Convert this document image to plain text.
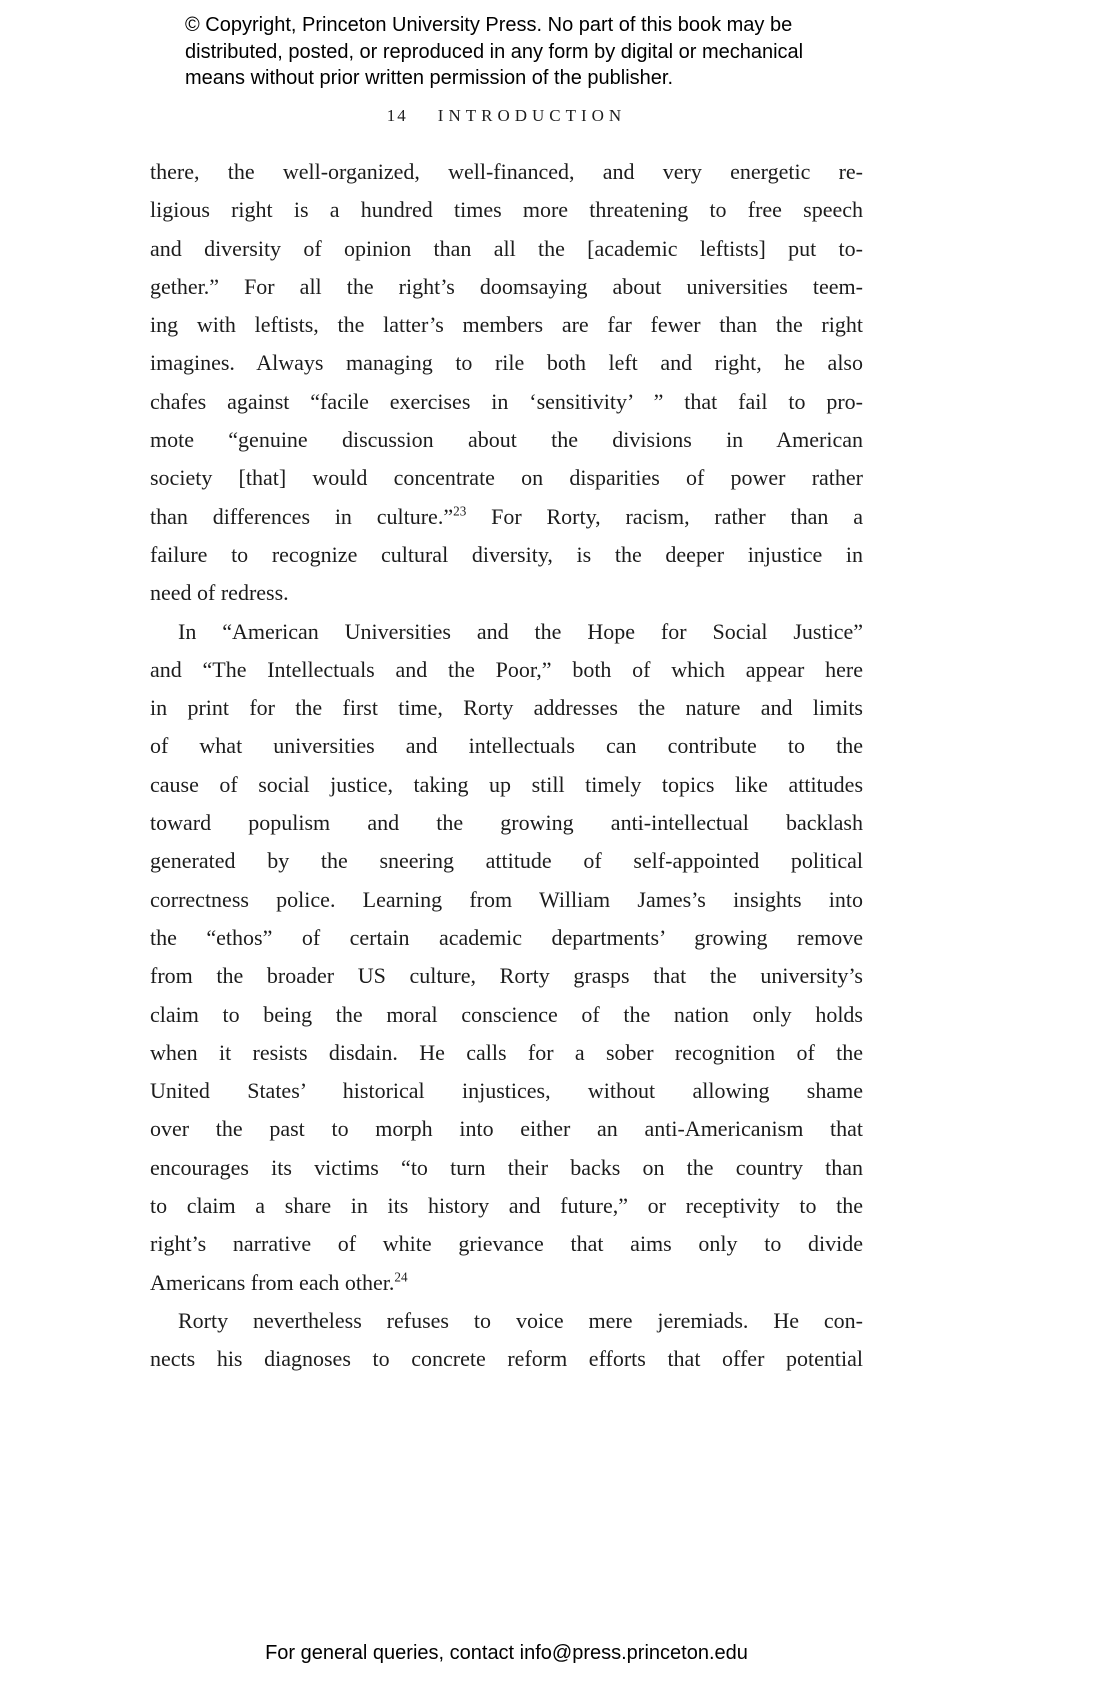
© Copyright, Princeton University Press. No part of this book may be
distributed, posted, or reproduced in any form by digital or mechanical
means without prior written permission of the publisher.
14 INTRODUCTION
there, the well-organized, well-financed, and very energetic re-
ligious right is a hundred times more threatening to free speech
and diversity of opinion than all the [academic leftists] put to-
gether.” For all the right’s doomsaying about universities teem-
ing with leftists, the latter’s members are far fewer than the right
imagines. Always managing to rile both left and right, he also
chafes against “facile exercises in ‘sensitivity’ ” that fail to pro-
mote “genuine discussion about the divisions in American
society [that] would concentrate on disparities of power rather
than differences in culture.”$^{23}$ For Rorty, racism, rather than a
failure to recognize cultural diversity, is the deeper injustice in
need of redress.
In “American Universities and the Hope for Social Justice”
and “The Intellectuals and the Poor,” both of which appear here
in print for the first time, Rorty addresses the nature and limits
of what universities and intellectuals can contribute to the
cause of social justice, taking up still timely topics like attitudes
toward populism and the growing anti-intellectual backlash
generated by the sneering attitude of self-appointed political
correctness police. Learning from William James’s insights into
the “ethos” of certain academic departments’ growing remove
from the broader US culture, Rorty grasps that the university’s
claim to being the moral conscience of the nation only holds
when it resists disdain. He calls for a sober recognition of the
United States’ historical injustices, without allowing shame
over the past to morph into either an anti-Americanism that
encourages its victims “to turn their backs on the country than
to claim a share in its history and future,” or receptivity to the
right’s narrative of white grievance that aims only to divide
Americans from each other.$^{24}$
Rorty nevertheless refuses to voice mere jeremiads. He con-
nects his diagnoses to concrete reform efforts that offer potential
For general queries, contact info@press.princeton.edu
